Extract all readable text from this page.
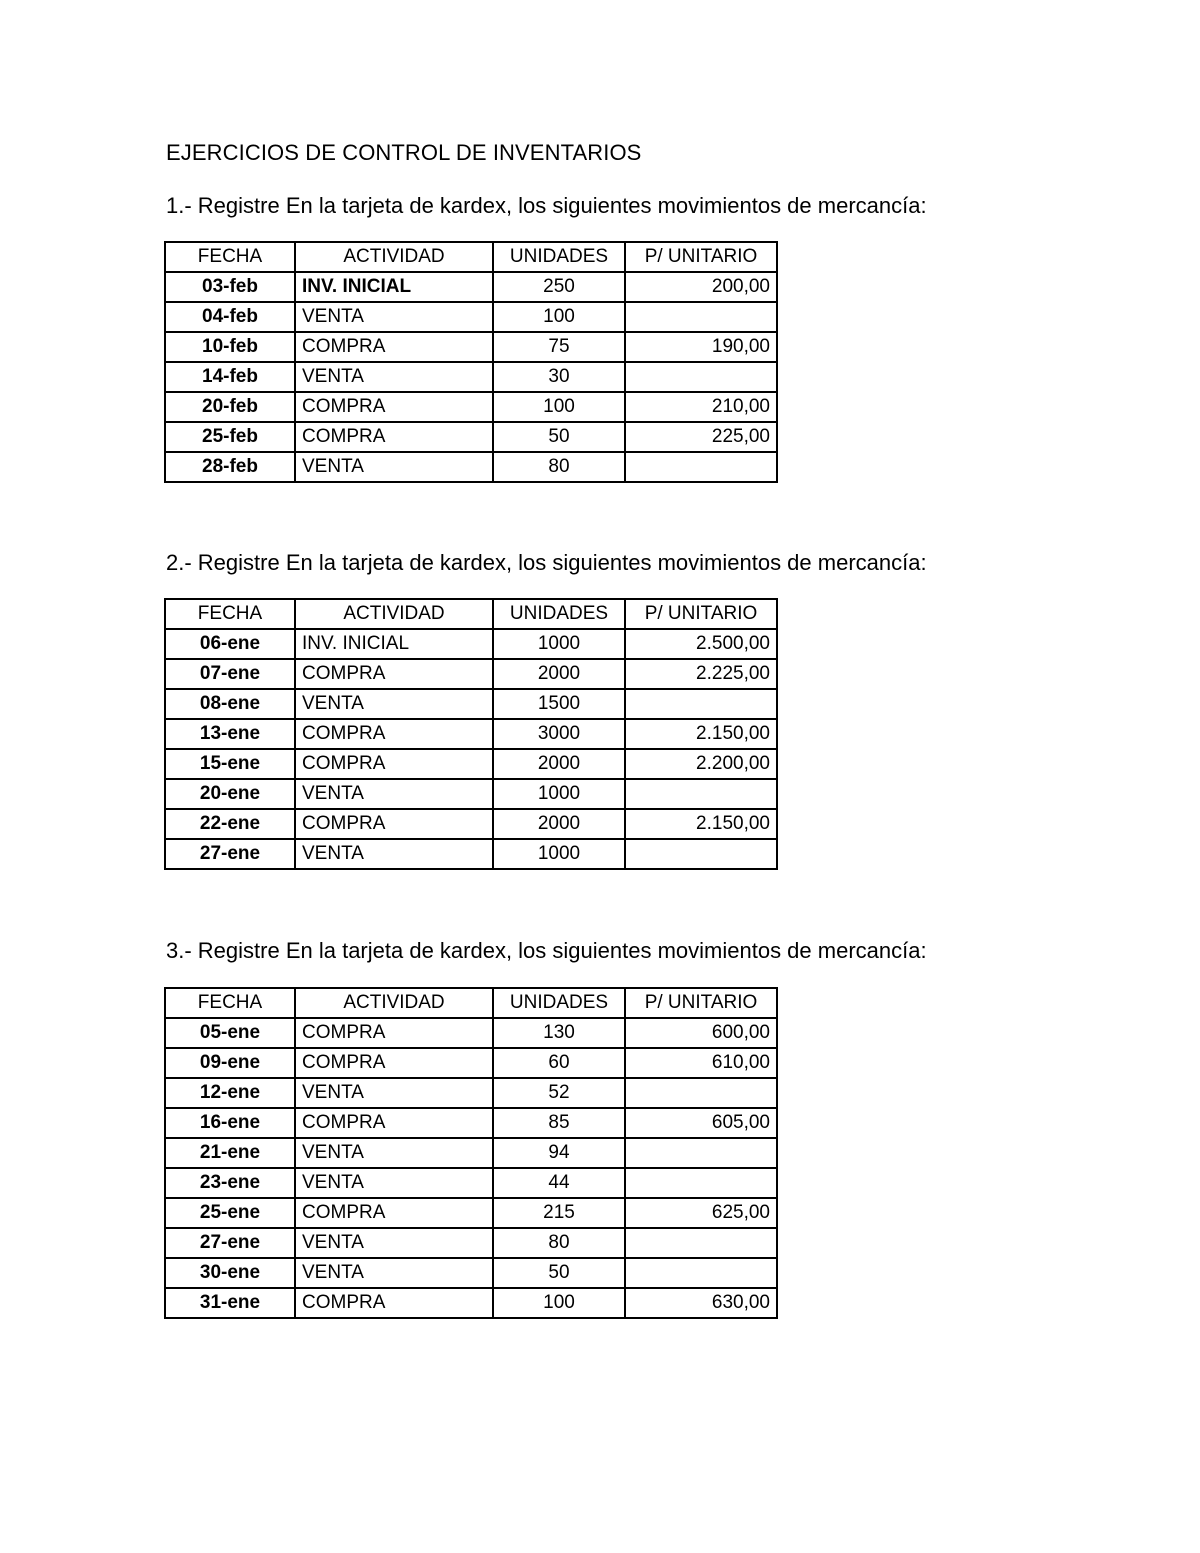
EJERCICIOS DE CONTROL DE INVENTARIOS
1.- Registre En la tarjeta de kardex, los siguientes movimientos de mercancía:
FECHA	ACTIVIDAD	UNIDADES	P/ UNITARIO
03-feb	INV. INICIAL	250	200,00
04-feb	VENTA	100	
10-feb	COMPRA	75	190,00
14-feb	VENTA	30	
20-feb	COMPRA	100	210,00
25-feb	COMPRA	50	225,00
28-feb	VENTA	80	
2.- Registre En la tarjeta de kardex, los siguientes movimientos de mercancía:
FECHA	ACTIVIDAD	UNIDADES	P/ UNITARIO
06-ene	INV. INICIAL	1000	2.500,00
07-ene	COMPRA	2000	2.225,00
08-ene	VENTA	1500	
13-ene	COMPRA	3000	2.150,00
15-ene	COMPRA	2000	2.200,00
20-ene	VENTA	1000	
22-ene	COMPRA	2000	2.150,00
27-ene	VENTA	1000	
3.- Registre En la tarjeta de kardex, los siguientes movimientos de mercancía:
FECHA	ACTIVIDAD	UNIDADES	P/ UNITARIO
05-ene	COMPRA	130	600,00
09-ene	COMPRA	60	610,00
12-ene	VENTA	52	
16-ene	COMPRA	85	605,00
21-ene	VENTA	94	
23-ene	VENTA	44	
25-ene	COMPRA	215	625,00
27-ene	VENTA	80	
30-ene	VENTA	50	
31-ene	COMPRA	100	630,00
